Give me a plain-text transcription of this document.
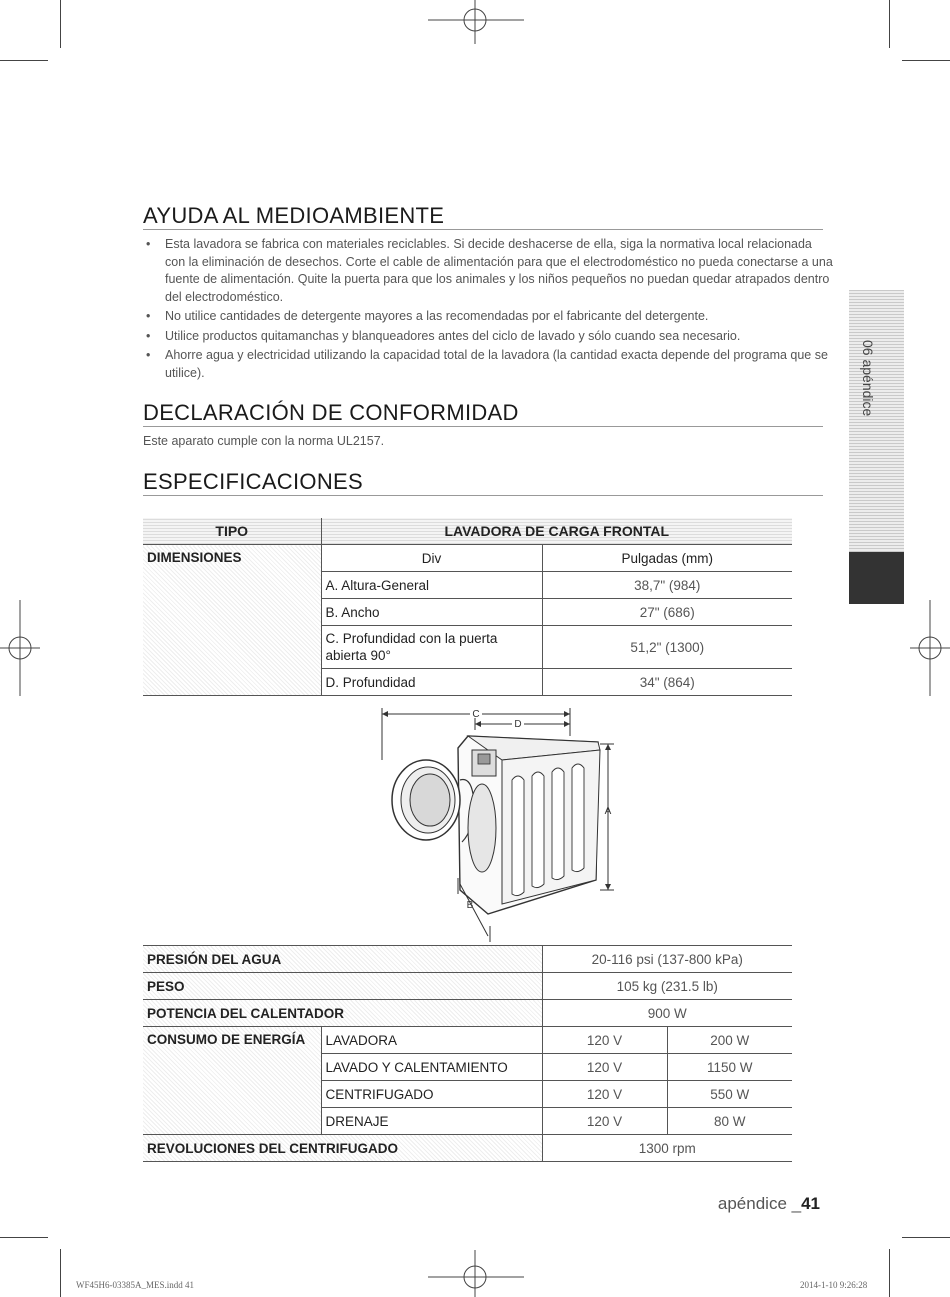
AYUDA AL MEDIOAMBIENTE
• Esta lavadora se fabrica con materiales reciclables. Si decide deshacerse de ella, siga la normativa local relacionada con la eliminación de desechos. Corte el cable de alimentación para que el electrodoméstico no pueda conectarse a una fuente de alimentación. Quite la puerta para que los animales y los niños pequeños no puedan quedar atrapados dentro del electrodoméstico.
• No utilice cantidades de detergente mayores a las recomendadas por el fabricante del detergente.
• Utilice productos quitamanchas y blanqueadores antes del ciclo de lavado y sólo cuando sea necesario.
• Ahorre agua y electricidad utilizando la capacidad total de la lavadora (la cantidad exacta depende del programa que se utilice).
DECLARACIÓN DE CONFORMIDAD

Este aparato cumple con la norma UL2157.

ESPECIFICACIONES
TIPO	LAVADORA DE CARGA FRONTAL	
DIMENSIONES	Div	Pulgadas (mm)
	A. Altura-General	38,7" (984)
	B. Ancho	27" (686)
	C. Profundidad con la puerta abierta 90°	51,2" (1300)
	D. Profundidad	34" (864)
C
D
A
B
PRESIÓN DEL AGUA		20-116 psi (137-800 kPa)	
PESO		105 kg (231.5 lb)	
POTENCIA DEL CALENTADOR		900 W	
CONSUMO DE ENERGÍA	LAVADORA	120 V	200 W
	LAVADO Y CALENTAMIENTO	120 V	1150 W
	CENTRIFUGADO	120 V	550 W
	DRENAJE	120 V	80 W
REVOLUCIONES DEL CENTRIFUGADO		1300 rpm	
06 apéndice
apéndice _41
WF45H6-03385A_MES.indd 41	2014-1-10 9:26:28
